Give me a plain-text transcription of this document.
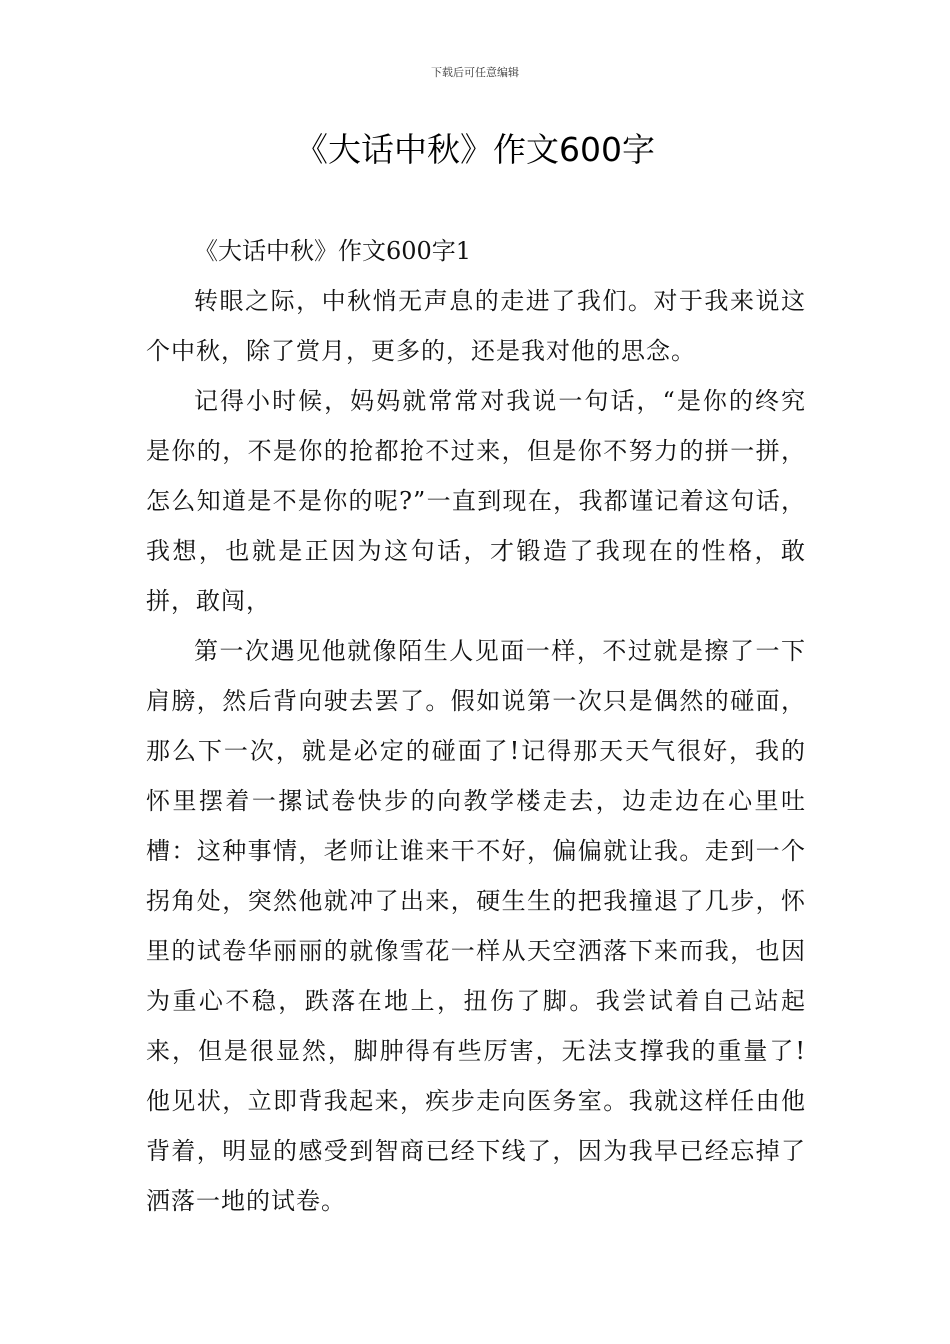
下载后可任意编辑
《大话中秋》作文600字

《大话中秋》作文600字1

转眼之际，中秋悄无声息的走进了我们。对于我来说这个中秋，除了赏月，更多的，还是我对他的思念。

记得小时候，妈妈就常常对我说一句话，“是你的终究是你的，不是你的抢都抢不过来，但是你不努力的拼一拼，怎么知道是不是你的呢?”一直到现在，我都谨记着这句话，我想，也就是正因为这句话，才锻造了我现在的性格，敢拼，敢闯，

第一次遇见他就像陌生人见面一样，不过就是擦了一下肩膀，然后背向驶去罢了。假如说第一次只是偶然的碰面，那么下一次，就是必定的碰面了!记得那天天气很好，我的怀里摆着一摞试卷快步的向教学楼走去，边走边在心里吐槽：这种事情，老师让谁来干不好，偏偏就让我。走到一个拐角处，突然他就冲了出来，硬生生的把我撞退了几步，怀里的试卷华丽丽的就像雪花一样从天空洒落下来而我，也因为重心不稳，跌落在地上，扭伤了脚。我尝试着自己站起来，但是很显然，脚肿得有些厉害，无法支撑我的重量了!他见状，立即背我起来，疾步走向医务室。我就这样任由他背着，明显的感受到智商已经下线了，因为我早已经忘掉了洒落一地的试卷。
